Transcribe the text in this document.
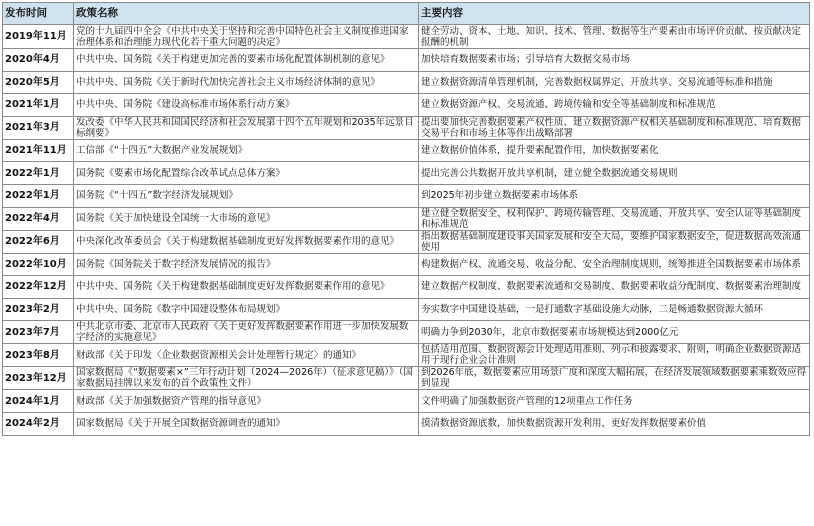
发布时间	政策名称	主要内容
2019年11月	党的十九届四中全会《中共中央关于坚持和完善中国特色社会主义制度推进国家治理体系和治理能力现代化若干重大问题的决定》	健全劳动、资本、土地、知识、技术、管理、数据等生产要素由市场评价贡献、按贡献决定报酬的机制
2020年4月	中共中央、国务院《关于构建更加完善的要素市场化配置体制机制的意见》	加快培育数据要素市场；引导培育大数据交易市场
2020年5月	中共中央、国务院《关于新时代加快完善社会主义市场经济体制的意见》	建立数据资源清单管理机制，完善数据权属界定、开放共享、交易流通等标准和措施
2021年1月	中共中央、国务院《建设高标准市场体系行动方案》	建立数据资源产权、交易流通、跨境传输和安全等基础制度和标准规范
2021年3月	发改委《中华人民共和国国民经济和社会发展第十四个五年规划和2035年远景目标纲要》	提出要加快完善数据要素产权性质、建立数据资源产权相关基础制度和标准规范、培育数据交易平台和市场主体等作出战略部署
2021年11月	工信部《“十四五”大数据产业发展规划》	建立数据价值体系，提升要素配置作用，加快数据要素化
2022年1月	国务院《要素市场化配置综合改革试点总体方案》	提出完善公共数据开放共享机制，建立健全数据流通交易规则
2022年1月	国务院《“十四五”数字经济发展规划》	到2025年初步建立数据要素市场体系
2022年4月	国务院《关于加快建设全国统一大市场的意见》	建立健全数据安全、权利保护、跨境传输管理、交易流通、开放共享、安全认证等基础制度和标准规范
2022年6月	中央深化改革委员会《关于构建数据基础制度更好发挥数据要素作用的意见》	指出数据基础制度建设事关国家发展和安全大局，要维护国家数据安全，促进数据高效流通使用
2022年10月	国务院《国务院关于数字经济发展情况的报告》	构建数据产权、流通交易、收益分配、安全治理制度规则，统筹推进全国数据要素市场体系
2022年12月	中共中央、国务院《关于构建数据基础制度更好发挥数据要素作用的意见》	建立数据产权制度、数据要素流通和交易制度、数据要素收益分配制度、数据要素治理制度
2023年2月	中共中央、国务院《数字中国建设整体布局规划》	夯实数字中国建设基础，一是打通数字基础设施大动脉，二是畅通数据资源大循环
2023年7月	中共北京市委、北京市人民政府《关于更好发挥数据要素作用进一步加快发展数字经济的实施意见》	明确力争到2030年，北京市数据要素市场规模达到2000亿元
2023年8月	财政部《关于印发〈企业数据资源相关会计处理暂行规定〉的通知》	包括适用范围、数据资源会计处理适用准则、列示和披露要求、附则，明确企业数据资源适用于现行企业会计准则
2023年12月	国家数据局《“数据要素×”三年行动计划（2024—2026年）（征求意见稿）》（国家数据局挂牌以来发布的首个政策性文件）	到2026年底，数据要素应用场景广度和深度大幅拓展，在经济发展领域数据要素乘数效应得到显现
2024年1月	财政部《关于加强数据资产管理的指导意见》	文件明确了加强数据资产管理的12项重点工作任务
2024年2月	国家数据局《关于开展全国数据资源调查的通知》	摸清数据资源底数，加快数据资源开发利用，更好发挥数据要素价值
